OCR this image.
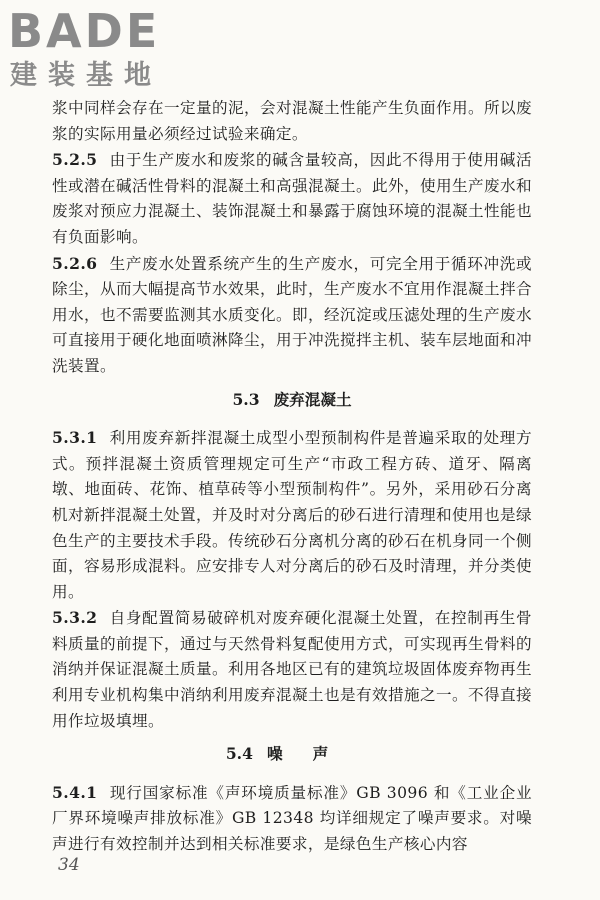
BADE
建装基地

浆中同样会存在一定量的泥，会对混凝土性能产生负面作用。所以废浆的实际用量必须经过试验来确定。

5.2.5 由于生产废水和废浆的碱含量较高，因此不得用于使用碱活性或潜在碱活性骨料的混凝土和高强混凝土。此外，使用生产废水和废浆对预应力混凝土、装饰混凝土和暴露于腐蚀环境的混凝土性能也有负面影响。

5.2.6 生产废水处置系统产生的生产废水，可完全用于循环冲洗或除尘，从而大幅提高节水效果，此时，生产废水不宜用作混凝土拌合用水，也不需要监测其水质变化。即，经沉淀或压滤处理的生产废水可直接用于硬化地面喷淋降尘，用于冲洗搅拌主机、装车层地面和冲洗装置。

5.3 废弃混凝土

5.3.1 利用废弃新拌混凝土成型小型预制构件是普遍采取的处理方式。预拌混凝土资质管理规定可生产“市政工程方砖、道牙、隔离墩、地面砖、花饰、植草砖等小型预制构件”。另外，采用砂石分离机对新拌混凝土处置，并及时对分离后的砂石进行清理和使用也是绿色生产的主要技术手段。传统砂石分离机分离的砂石在机身同一个侧面，容易形成混料。应安排专人对分离后的砂石及时清理，并分类使用。

5.3.2 自身配置简易破碎机对废弃硬化混凝土处置，在控制再生骨料质量的前提下，通过与天然骨料复配使用方式，可实现再生骨料的消纳并保证混凝土质量。利用各地区已有的建筑垃圾固体废弃物再生利用专业机构集中消纳利用废弃混凝土也是有效措施之一。不得直接用作垃圾填埋。

5.4 噪声

5.4.1 现行国家标准《声环境质量标准》GB 3096 和《工业企业厂界环境噪声排放标准》GB 12348 均详细规定了噪声要求。对噪声进行有效控制并达到相关标准要求，是绿色生产核心内容

34
